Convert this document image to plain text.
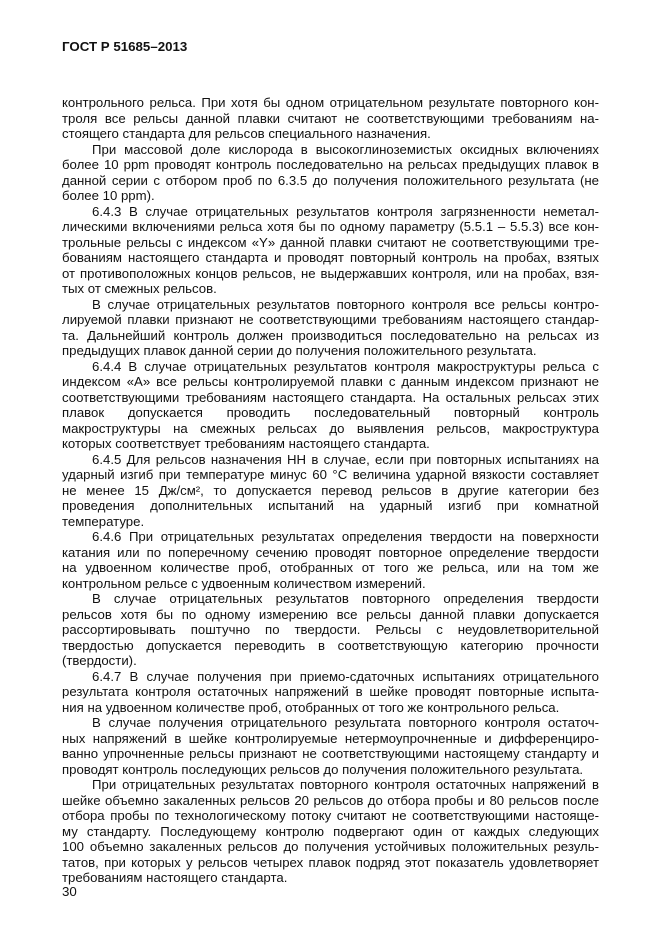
ГОСТ Р 51685–2013
контрольного рельса. При хотя бы одном отрицательном результате повторного кон-
троля все рельсы данной плавки считают не соответствующими требованиям на-
стоящего стандарта для рельсов специального назначения.
При массовой доле кислорода в высокоглиноземистых оксидных включениях
более 10 ppm проводят контроль последовательно на рельсах предыдущих плавок в
данной серии с отбором проб по 6.3.5 до получения положительного результата (не
более 10 ppm).
6.4.3 В случае отрицательных результатов контроля загрязненности неметал-
лическими включениями рельса хотя бы по одному параметру (5.5.1 – 5.5.3) все кон-
трольные рельсы с индексом «Y» данной плавки считают не соответствующими тре-
бованиям настоящего стандарта и проводят повторный контроль на пробах, взятых
от противоположных концов рельсов, не выдержавших контроля, или на пробах, взя-
тых от смежных рельсов.
В случае отрицательных результатов повторного контроля все рельсы контро-
лируемой плавки признают не соответствующими требованиям настоящего стандар-
та. Дальнейший контроль должен производиться последовательно на рельсах из
предыдущих плавок данной серии до получения положительного результата.
6.4.4 В случае отрицательных результатов контроля макроструктуры рельса с
индексом «А» все рельсы контролируемой плавки с данным индексом признают не
соответствующими требованиям настоящего стандарта. На остальных рельсах этих
плавок допускается проводить последовательный повторный контроль
макроструктуры на смежных рельсах до выявления рельсов, макроструктура
которых соответствует требованиям настоящего стандарта.
6.4.5 Для рельсов назначения НН в случае, если при повторных испытаниях на
ударный изгиб при температуре минус 60 °С величина ударной вязкости составляет
не менее 15 Дж/см², то допускается перевод рельсов в другие категории без
проведения дополнительных испытаний на ударный изгиб при комнатной
температуре.
6.4.6 При отрицательных результатах определения твердости на поверхности
катания или по поперечному сечению проводят повторное определение твердости
на удвоенном количестве проб, отобранных от того же рельса, или на том же
контрольном рельсе с удвоенным количеством измерений.
В случае отрицательных результатов повторного определения твердости
рельсов хотя бы по одному измерению все рельсы данной плавки допускается
рассортировывать поштучно по твердости. Рельсы с неудовлетворительной
твердостью допускается переводить в соответствующую категорию прочности
(твердости).
6.4.7 В случае получения при приемо-сдаточных испытаниях отрицательного
результата контроля остаточных напряжений в шейке проводят повторные испыта-
ния на удвоенном количестве проб, отобранных от того же контрольного рельса.
В случае получения отрицательного результата повторного контроля остаточ-
ных напряжений в шейке контролируемые нетермоупрочненные и дифференциро-
ванно упрочненные рельсы признают не соответствующими настоящему стандарту и
проводят контроль последующих рельсов до получения положительного результата.
При отрицательных результатах повторного контроля остаточных напряжений в
шейке объемно закаленных рельсов 20 рельсов до отбора пробы и 80 рельсов после
отбора пробы по технологическому потоку считают не соответствующими настояще-
му стандарту. Последующему контролю подвергают один от каждых следующих
100 объемно закаленных рельсов до получения устойчивых положительных резуль-
татов, при которых у рельсов четырех плавок подряд этот показатель удовлетворяет
требованиям настоящего стандарта.
30
